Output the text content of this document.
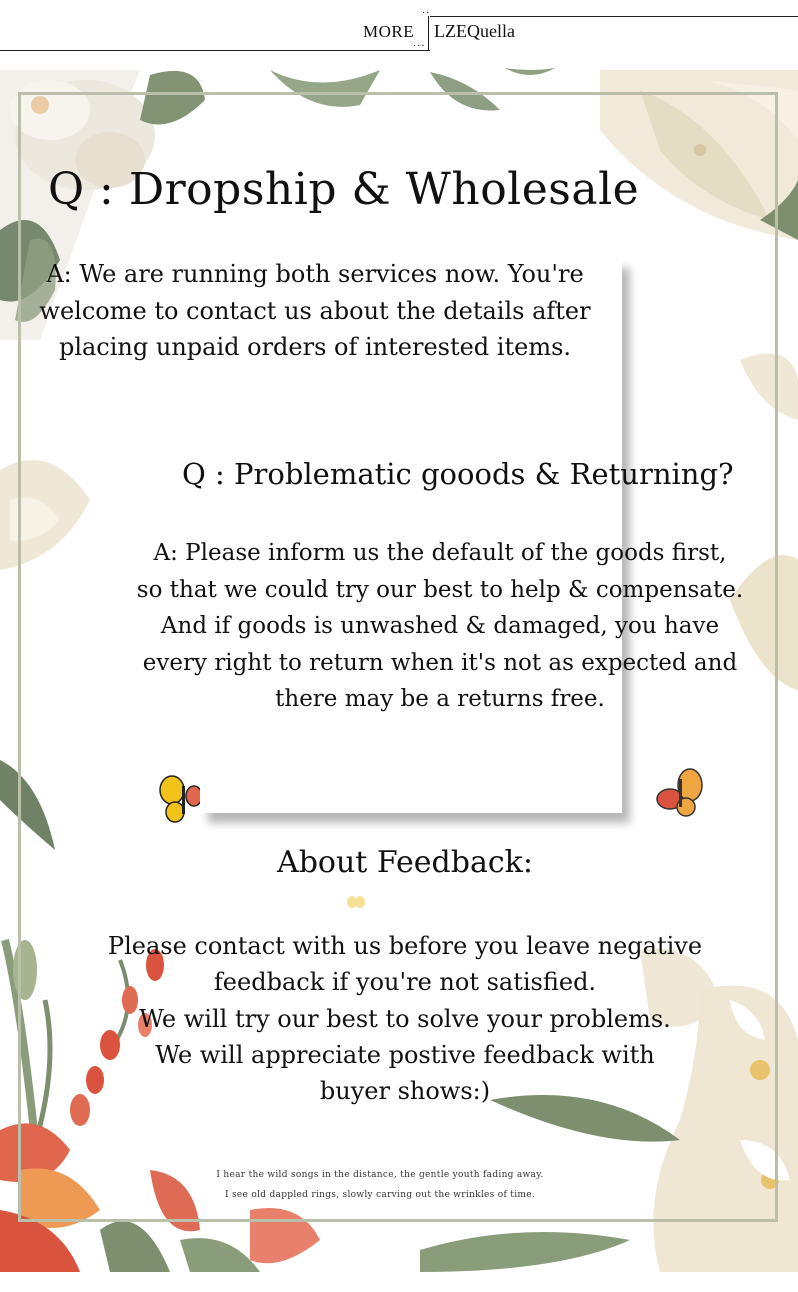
··
···
MORE LZEQuella
Q : Dropship & Wholesale
A: We are running both services now. You're
welcome to contact us about the details after
placing unpaid orders of interested items.
Q : Problematic gooods & Returning?
A: Please inform us the default of the goods first,
so that we could try our best to help & compensate.
And if goods is unwashed & damaged, you have
every right to return when it's not as expected and
there may be a returns free.
About Feedback:
Please contact with us before you leave negative
feedback if you're not satisfied.
We will try our best to solve your problems.
We will appreciate postive feedback with
buyer shows:)
I hear the wild songs in the distance, the gentle youth fading away.
I see old dappled rings, slowly carving out the wrinkles of time.
